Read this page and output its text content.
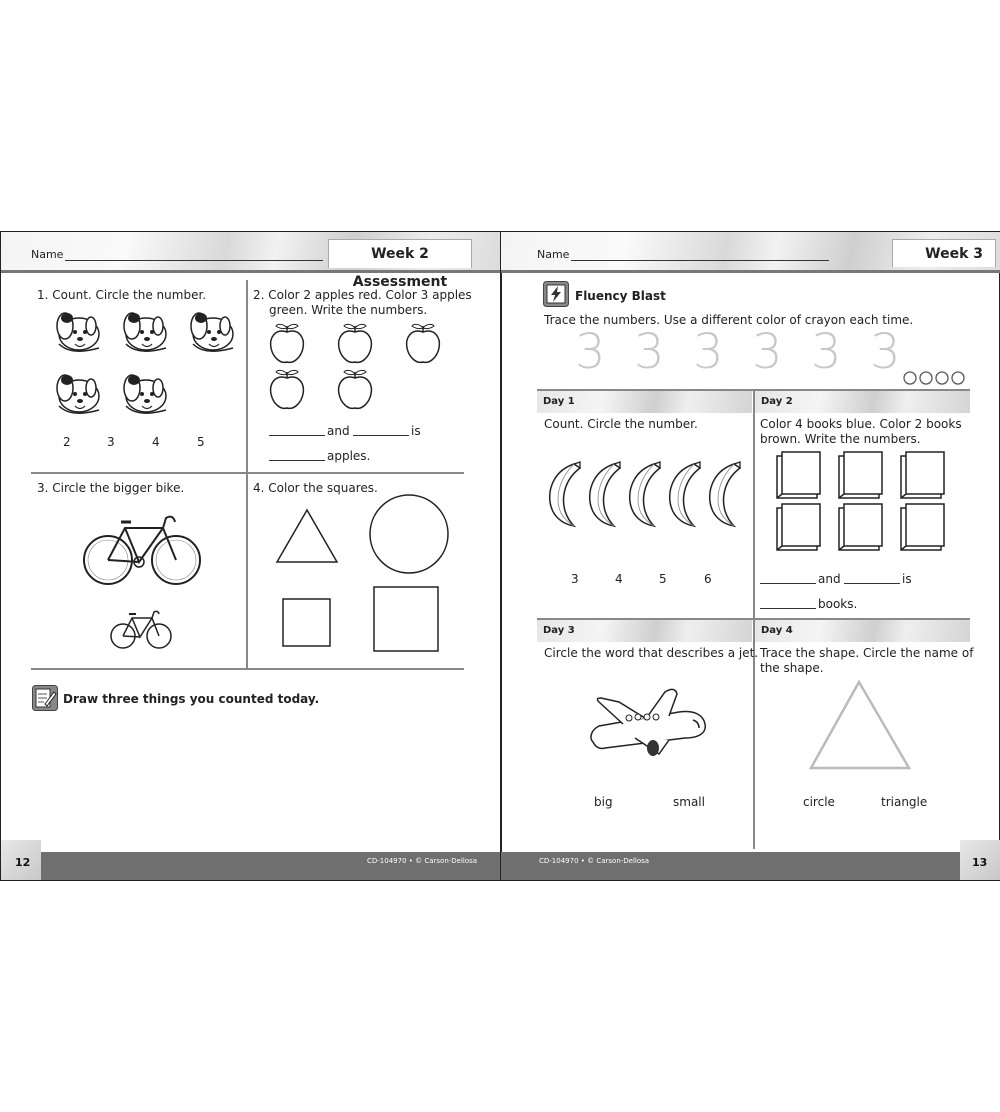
Name	Week 2 Assessment
1. Count. Circle the number.
2	3	4	5
2. Color 2 apples red. Color 3 apples
green. Write the numbers.
and	is
apples.
3. Circle the bigger bike.	4. Color the squares.
Draw three things you counted today.
12	CD-104970 • © Carson-Dellosa
Name	Week 3
Fluency Blast
Trace the numbers. Use a different color of crayon each time.
3 3 3 3 3 3
Day 1
Count. Circle the number.
3	4	5	6
Day 2
Color 4 books blue. Color 2 books
brown. Write the numbers.
and	is
books.
Day 3
Circle the word that describes a jet.
big	small
Day 4
Trace the shape. Circle the name of
the shape.
circle	triangle
CD-104970 • © Carson-Dellosa	13
